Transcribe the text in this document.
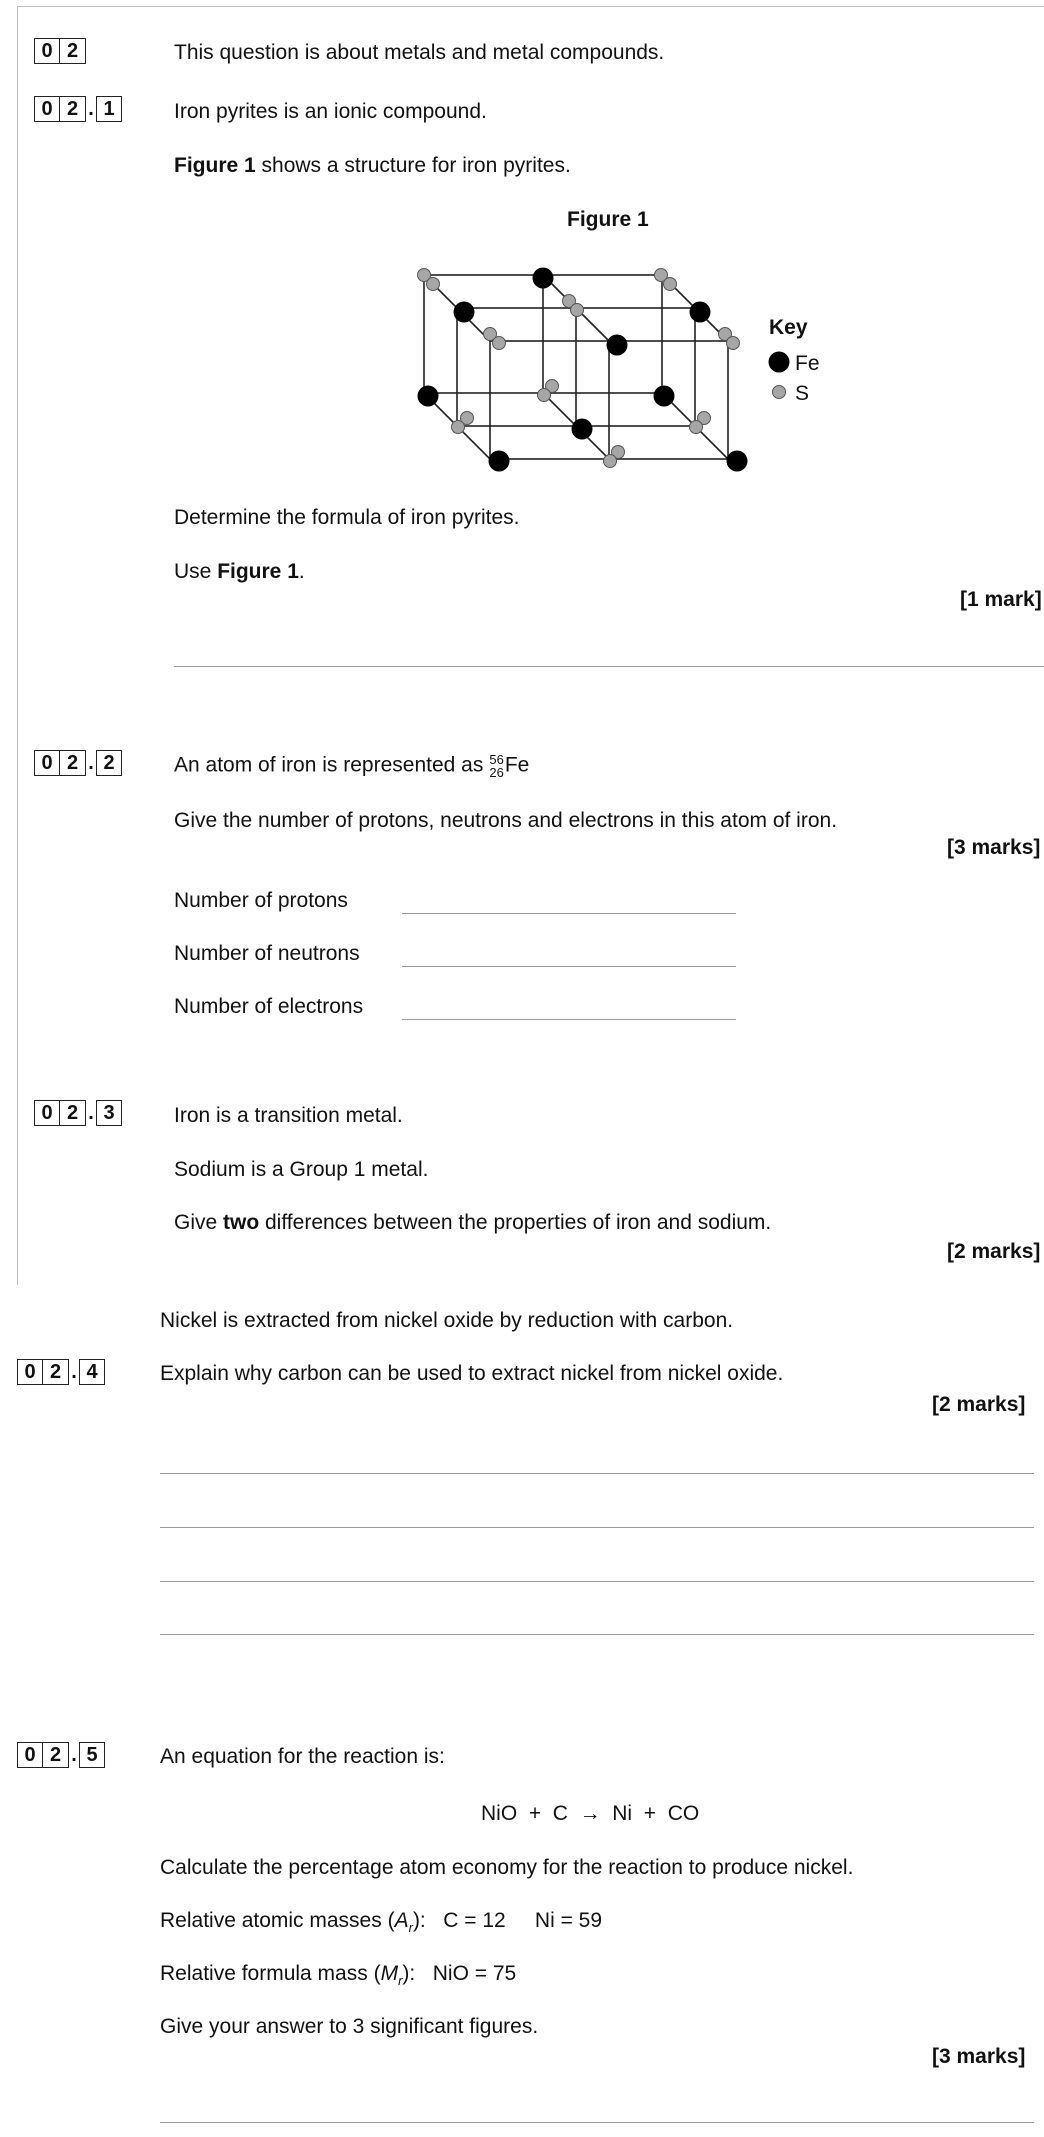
0 2	This question is about metals and metal compounds.
0 2 . 1	Iron pyrites is an ionic compound.
Figure 1 shows a structure for iron pyrites.
Figure 1
Key
Fe
S
Determine the formula of iron pyrites.
Use Figure 1.
[1 mark]
0 2 . 2	An atom of iron is represented as 56
26 Fe
Give the number of protons, neutrons and electrons in this atom of iron.
[3 marks]
Number of protons
Number of neutrons
Number of electrons
0 2 . 3	Iron is a transition metal.
Sodium is a Group 1 metal.
Give two differences between the properties of iron and sodium.
[2 marks]
Nickel is extracted from nickel oxide by reduction with carbon.
0 2 . 4	Explain why carbon can be used to extract nickel from nickel oxide.
[2 marks]
0 2 . 5	An equation for the reaction is:
NiO  +  C  →  Ni  +  CO
Calculate the percentage atom economy for the reaction to produce nickel.
Relative atomic masses $(A_r)$:   C = 12     Ni = 59
Relative formula mass $(M_r)$:   NiO = 75
Give your answer to 3 significant figures.
[3 marks]
